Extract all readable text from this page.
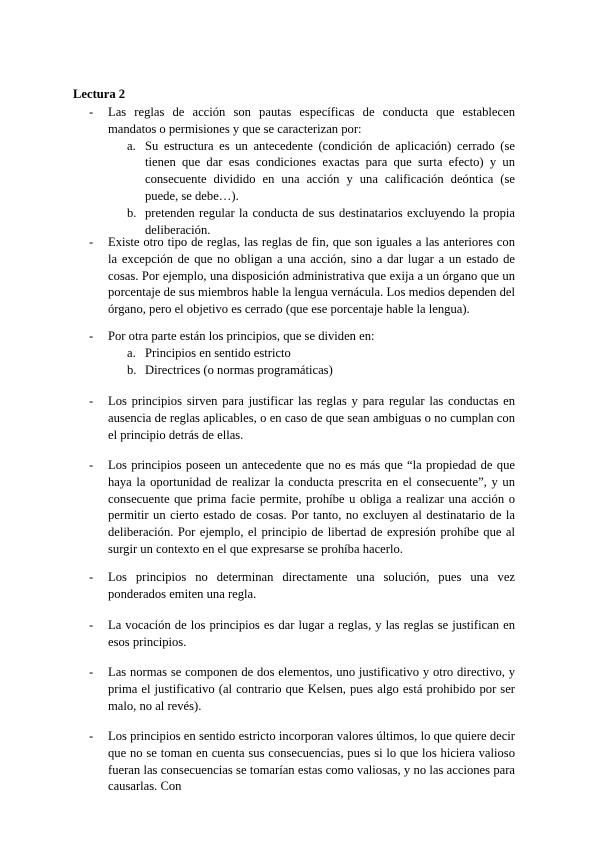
Lectura 2
-	Las reglas de acción son pautas específicas de conducta que establecen mandatos o permisiones y que se caracterizan por:
a. Su estructura es un antecedente (condición de aplicación) cerrado (se tienen que dar esas condiciones exactas para que surta efecto) y un consecuente dividido en una acción y una calificación deóntica (se puede, se debe…).
b. pretenden regular la conducta de sus destinatarios excluyendo la propia deliberación.
-	Existe otro tipo de reglas, las reglas de fin, que son iguales a las anteriores con la excepción de que no obligan a una acción, sino a dar lugar a un estado de cosas. Por ejemplo, una disposición administrativa que exija a un órgano que un porcentaje de sus miembros hable la lengua vernácula. Los medios dependen del órgano, pero el objetivo es cerrado (que ese porcentaje hable la lengua).
-	Por otra parte están los principios, que se dividen en:
a. Principios en sentido estricto
b. Directrices (o normas programáticas)
-	Los principios sirven para justificar las reglas y para regular las conductas en ausencia de reglas aplicables, o en caso de que sean ambiguas o no cumplan con el principio detrás de ellas.
-	Los principios poseen un antecedente que no es más que “la propiedad de que haya la oportunidad de realizar la conducta prescrita en el consecuente”, y un consecuente que prima facie permite, prohíbe u obliga a realizar una acción o permitir un cierto estado de cosas. Por tanto, no excluyen al destinatario de la deliberación. Por ejemplo, el principio de libertad de expresión prohíbe que al surgir un contexto en el que expresarse se prohíba hacerlo.
-	Los principios no determinan directamente una solución, pues una vez ponderados emiten una regla.
-	La vocación de los principios es dar lugar a reglas, y las reglas se justifican en esos principios.
-	Las normas se componen de dos elementos, uno justificativo y otro directivo, y prima el justificativo (al contrario que Kelsen, pues algo está prohibido por ser malo, no al revés).
-	Los principios en sentido estricto incorporan valores últimos, lo que quiere decir que no se toman en cuenta sus consecuencias, pues si lo que los hiciera valioso fueran las consecuencias se tomarían estas como valiosas, y no las acciones para causarlas. Con
